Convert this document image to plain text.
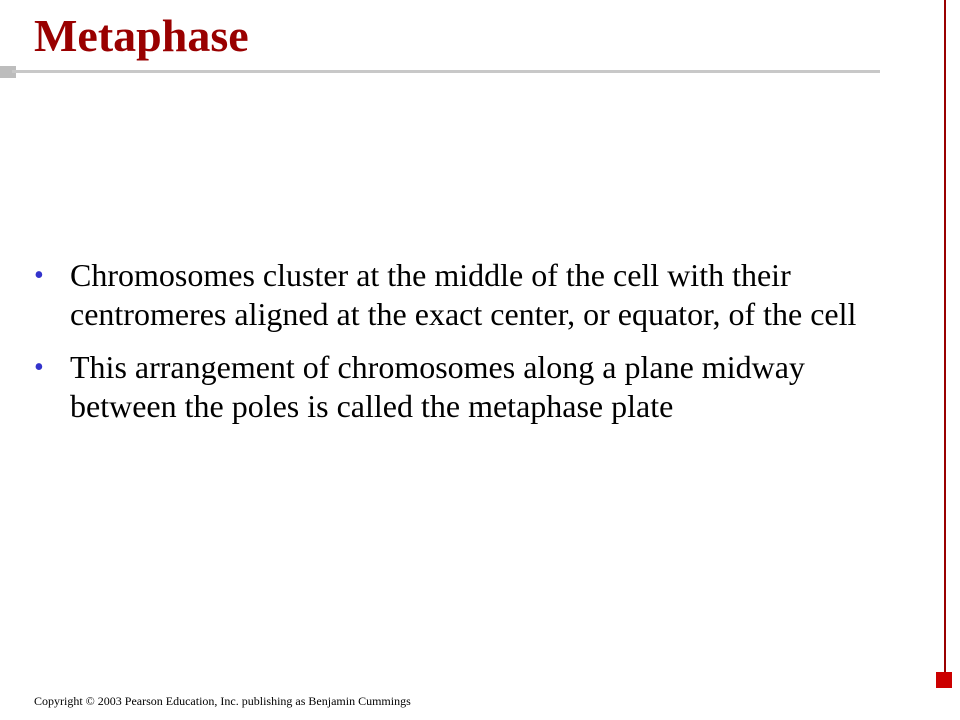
Metaphase
• Chromosomes cluster at the middle of the cell with their centromeres aligned at the exact center, or equator, of the cell
• This arrangement of chromosomes along a plane midway between the poles is called the metaphase plate
Copyright © 2003 Pearson Education, Inc. publishing as Benjamin Cummings
